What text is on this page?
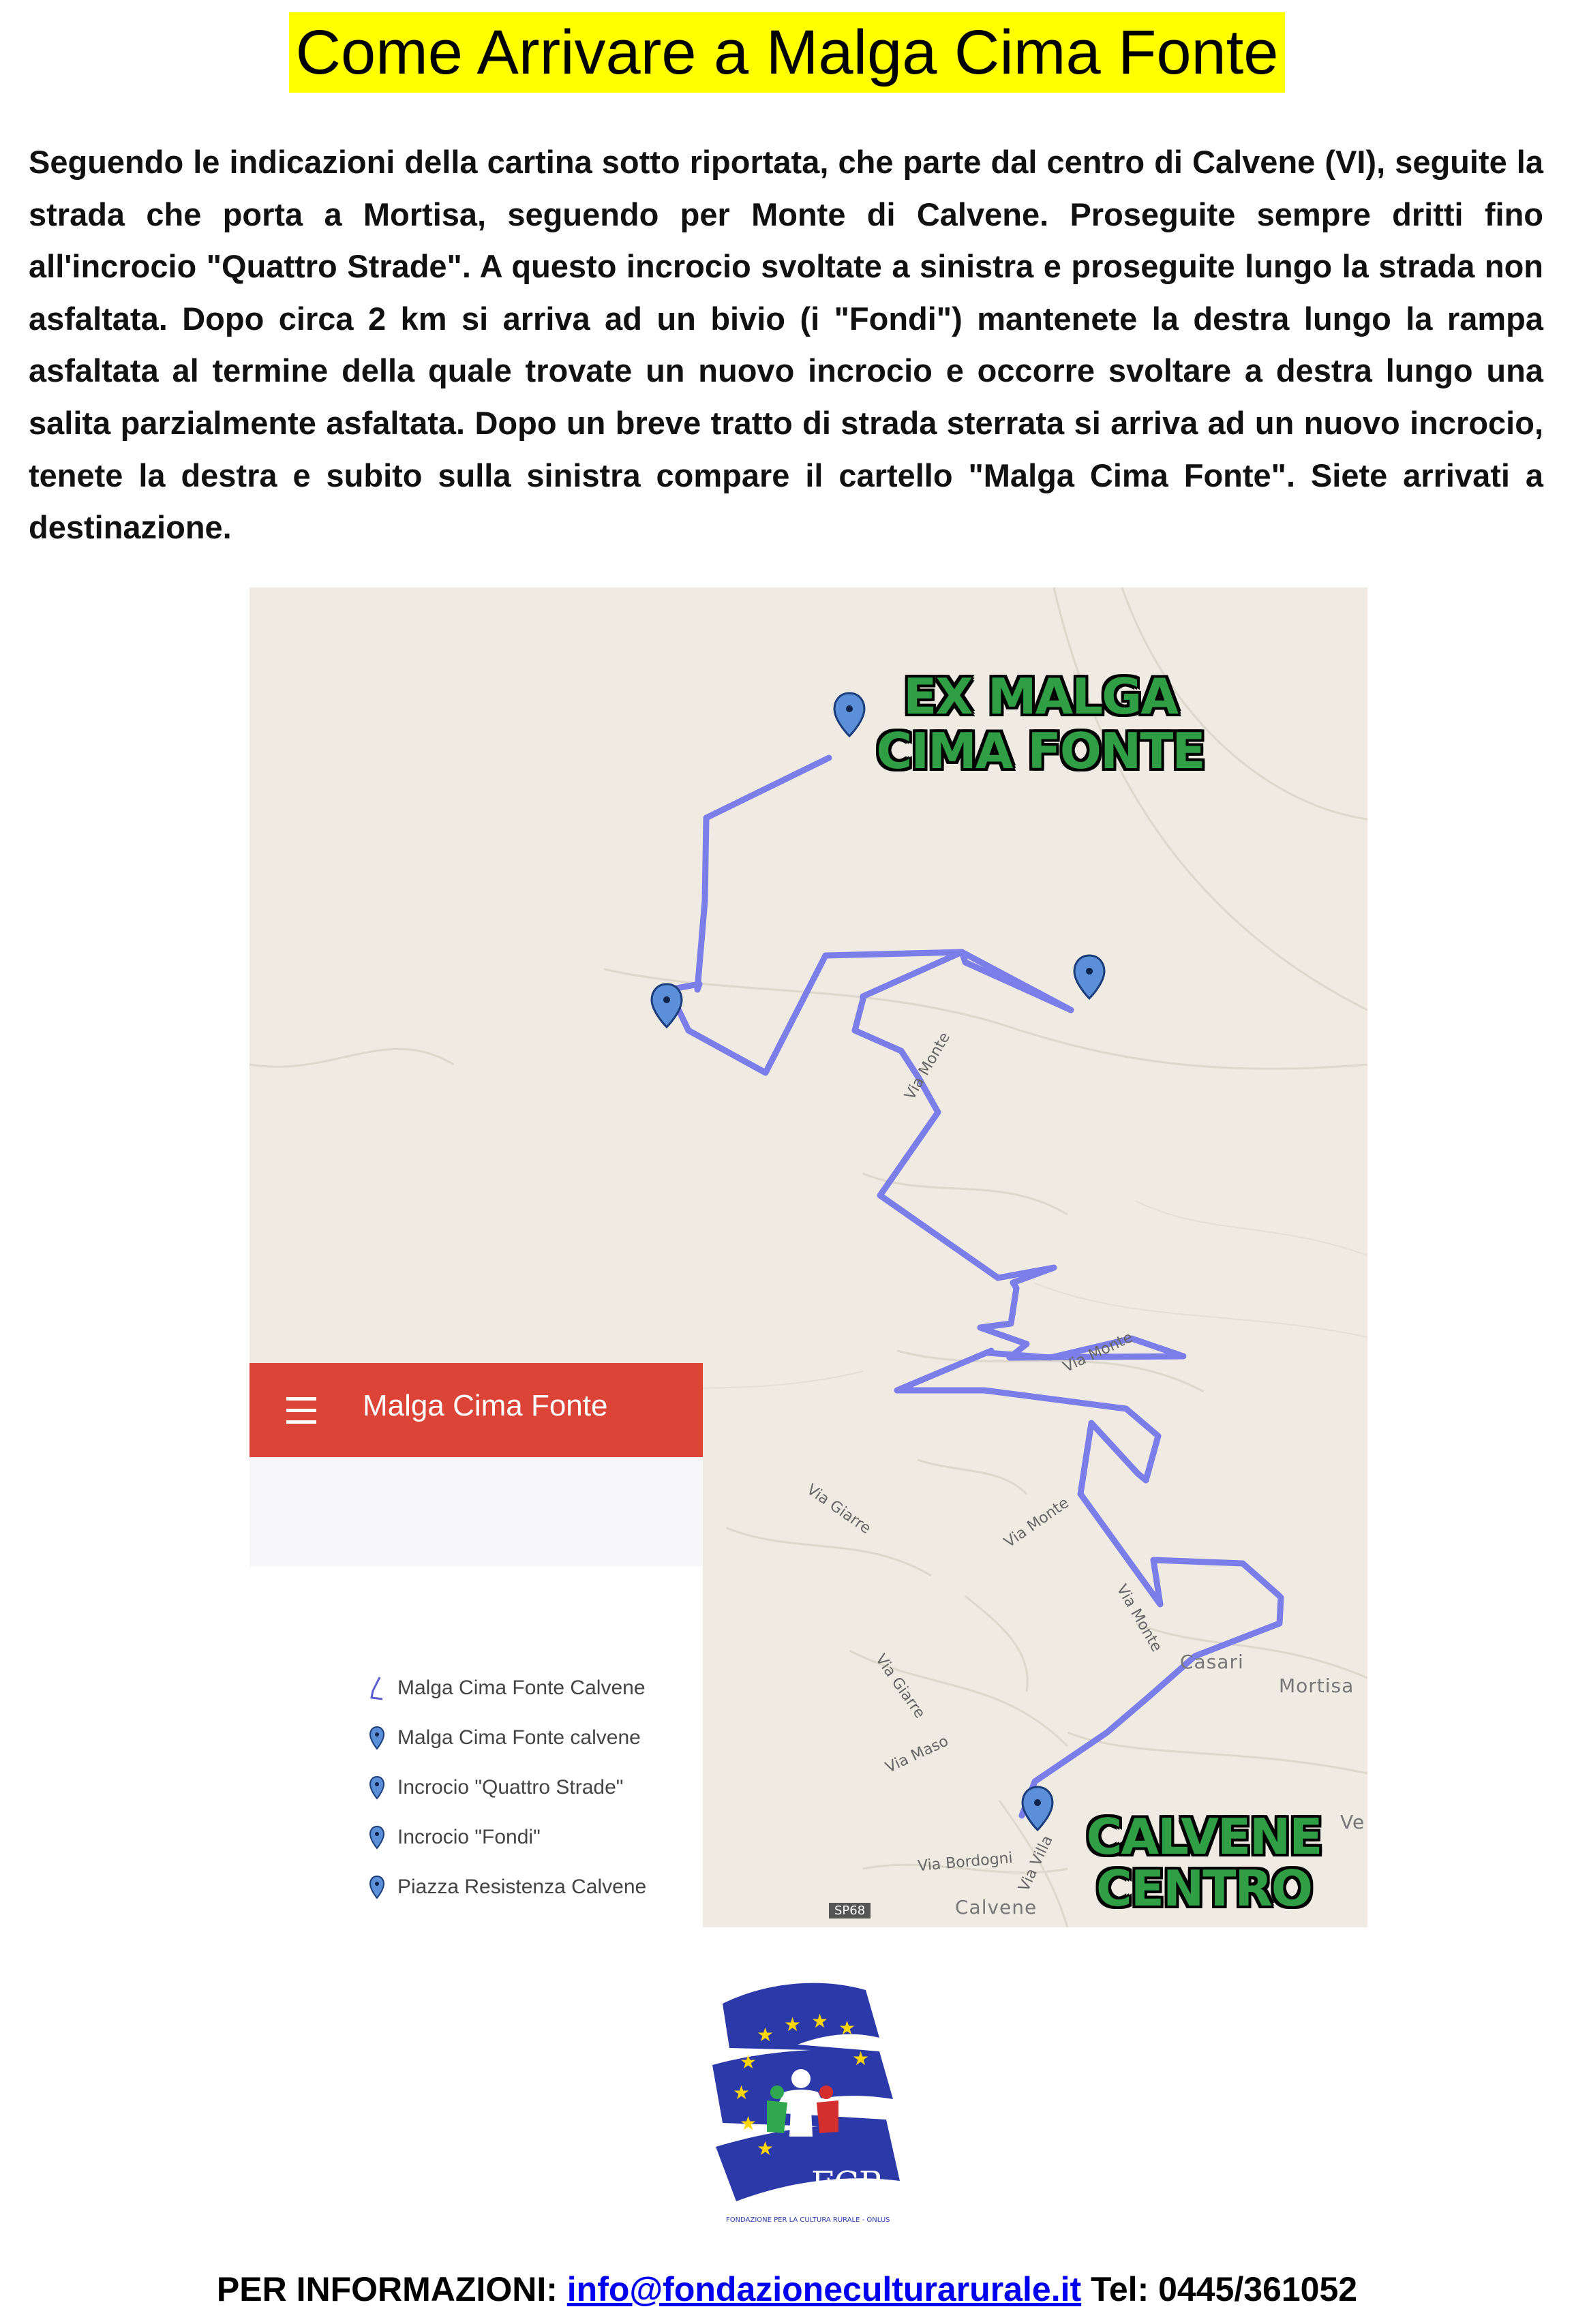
Come Arrivare a Malga Cima Fonte
Seguendo le indicazioni della cartina sotto riportata, che parte dal centro di Calvene (VI), seguite la strada che porta a Mortisa, seguendo per Monte di Calvene. Proseguite sempre dritti fino all'incrocio "Quattro Strade". A questo incrocio svoltate a sinistra e proseguite lungo la strada non asfaltata. Dopo circa 2 km si arriva ad un bivio (i "Fondi") mantenete la destra lungo la rampa asfaltata al termine della quale trovate un nuovo incrocio e occorre svoltare a destra lungo una salita parzialmente asfaltata. Dopo un breve tratto di strada sterrata si arriva ad un nuovo incrocio, tenete la destra e subito sulla sinistra compare il cartello "Malga Cima Fonte". Siete arrivati a destinazione.
EX MALGA
CIMA FONTE
CALVENE
CENTRO
Via Monte
Via Monte
Via Monte
Via Monte
Via Giarre
Via Giarre
Via Maso
Via Bordogni Via Villa
SP68
Casari
Mortisa
Calvene
Ve
Malga Cima Fonte
Malga Cima Fonte Calvene
Malga Cima Fonte calvene
Incrocio "Quattro Strade"
Incrocio "Fondi"
Piazza Resistenza Calvene
★ ★ ★ ★
★
★
★
★
★
FCR
FONDAZIONE PER LA CULTURA RURALE - ONLUS
PER INFORMAZIONI: info@fondazioneculturarurale.it Tel: 0445/361052
